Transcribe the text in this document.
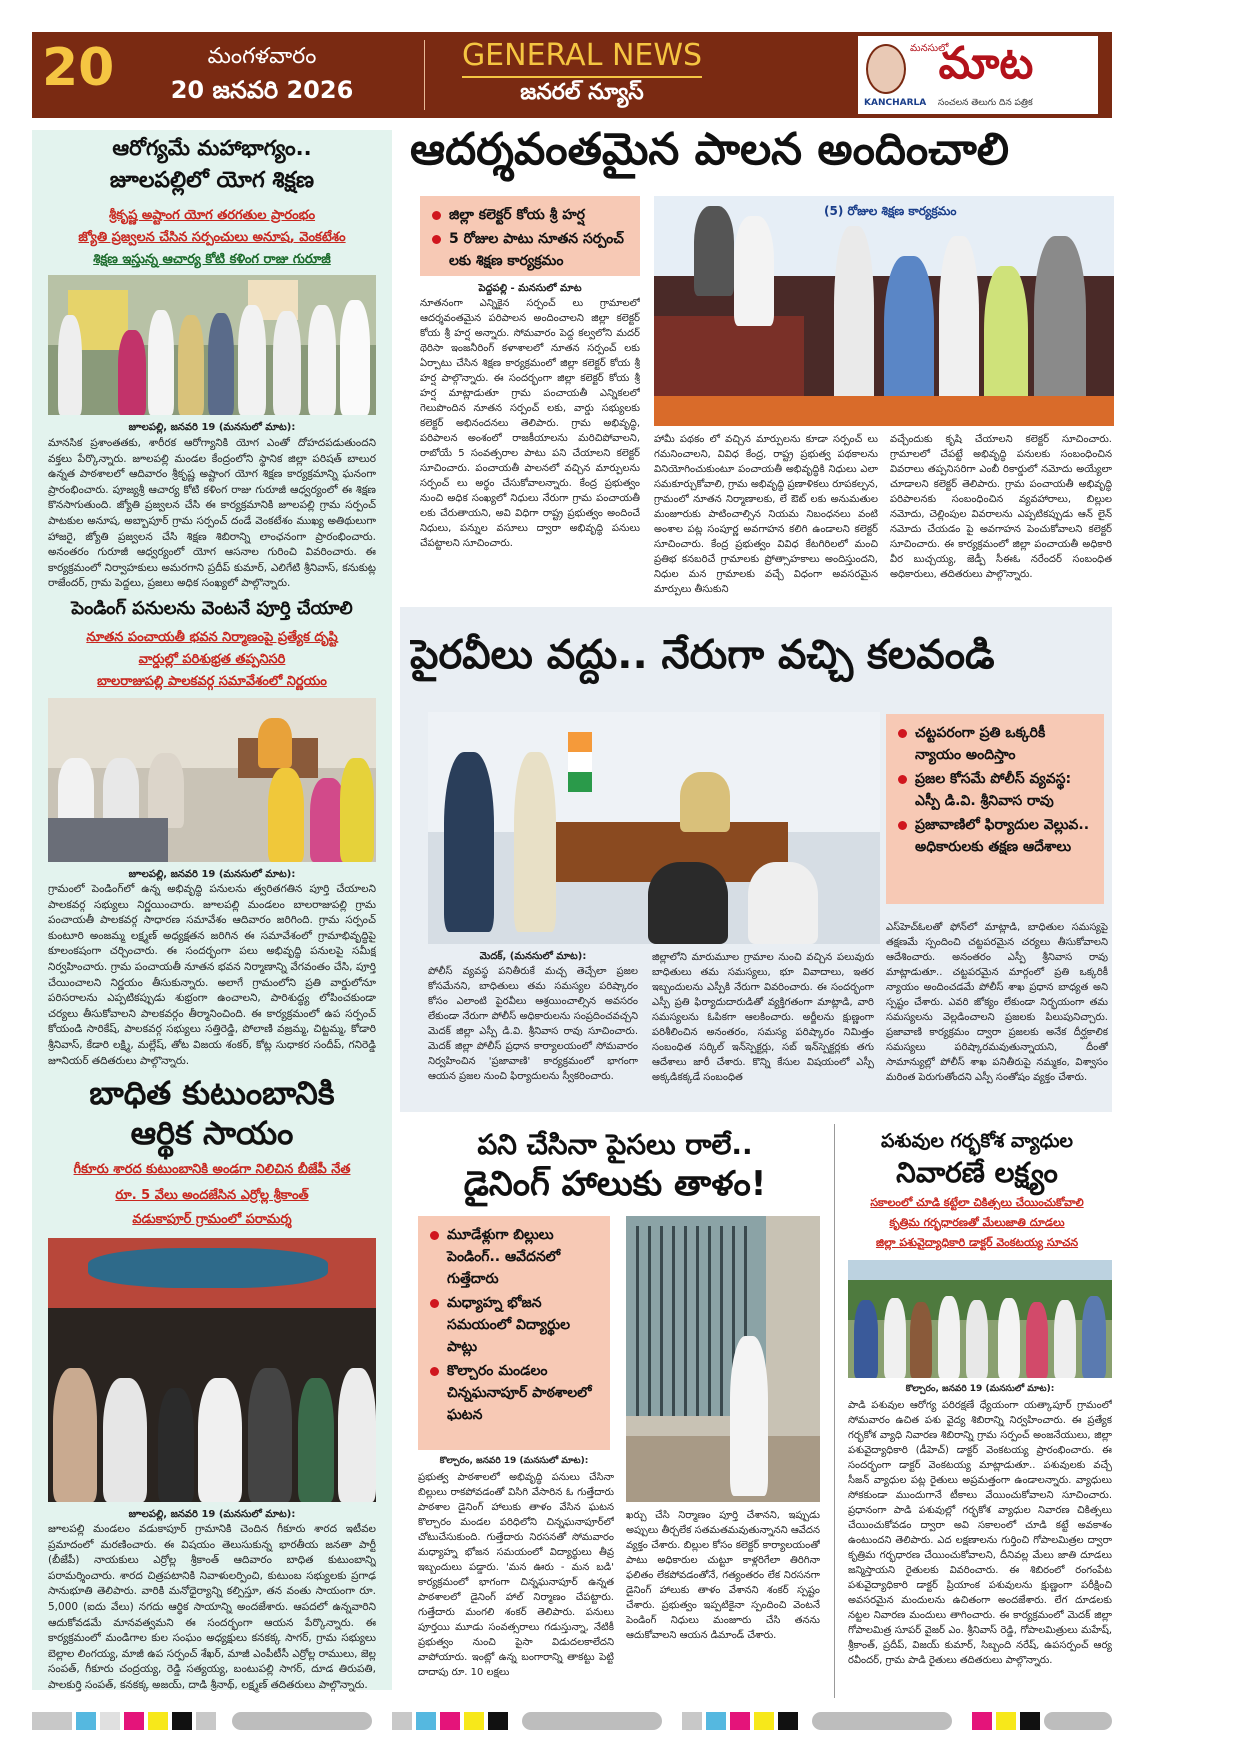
20	మంగళవారం
20 జనవరి 2026
GENERAL NEWS
జనరల్ న్యూస్
మనసులో
మాట
KANCHARLA	సంచలన తెలుగు దిన పత్రిక
ఆరోగ్యమే మహాభాగ్యం..
జూలపల్లిలో యోగ శిక్షణ
శ్రీకృష్ణ అష్టాంగ యోగ తరగతుల ప్రారంభం
జ్యోతి ప్రజ్వలన చేసిన సర్పంచులు అనూష, వెంకటేశం
శిక్షణ ఇస్తున్న ఆచార్య కోటి కళింగ రాజు గురూజీ
జూలపల్లి, జనవరి 19 (మనసులో మాట):
మానసిక ప్రశాంతతకు, శారీరక ఆరోగ్యానికి యోగ ఎంతో దోహదపడుతుందని వక్తలు పేర్కొన్నారు. జూలపల్లి మండల కేంద్రంలోని స్థానిక జిల్లా పరిషత్ బాలుర ఉన్నత పాఠశాలలో ఆదివారం శ్రీకృష్ణ అష్టాంగ యోగ శిక్షణ కార్యక్రమాన్ని ఘనంగా ప్రారంభించారు. పూజ్యశ్రీ ఆచార్య కోటి కళింగ రాజు గురూజీ ఆధ్వర్యంలో ఈ శిక్షణ కొనసాగుతుంది. జ్యోతి ప్రజ్వలన చేసి ఈ కార్యక్రమానికి జూలపల్లి గ్రామ సర్పంచ్ పాటకుల అనూష, అబ్బాపూర్ గ్రామ సర్పంచ్ దండే వెంకటేశం ముఖ్య అతిథులుగా హాజరై, జ్యోతి ప్రజ్వలన చేసి శిక్షణ శిబిరాన్ని లాంఛనంగా ప్రారంభించారు. అనంతరం గురూజీ ఆధ్వర్యంలో యోగ ఆసనాల గురించి వివరించారు. ఈ కార్యక్రమంలో నిర్వాహకులు అమరగాని ప్రదీప్ కుమార్, ఎలిగేటి శ్రీనివాస్, కనుకుట్ల రాజేందర్, గ్రామ పెద్దలు, ప్రజలు అధిక సంఖ్యలో పాల్గొన్నారు.
పెండింగ్ పనులను వెంటనే పూర్తి చేయాలి
నూతన పంచాయతీ భవన నిర్మాణంపై ప్రత్యేక దృష్టి
వార్డుల్లో పరిశుభ్రత తప్పనిసరి
బాలరాజుపల్లి పాలకవర్గ సమావేశంలో నిర్ణయం
జూలపల్లి, జనవరి 19 (మనసులో మాట):
గ్రామంలో పెండింగ్‌లో ఉన్న అభివృద్ధి పనులను త్వరితగతిన పూర్తి చేయాలని పాలకవర్గ సభ్యులు నిర్ణయించారు. జూలపల్లి మండలం బాలరాజుపల్లి గ్రామ పంచాయతీ పాలకవర్గ సాధారణ సమావేశం ఆదివారం జరిగింది. గ్రామ సర్పంచ్ కుంటూరి అంజమ్మ లక్ష్మణ్ అధ్యక్షతన జరిగిన ఈ సమావేశంలో గ్రామాభివృద్ధిపై కూలంకషంగా చర్చించారు. ఈ సందర్భంగా పలు అభివృద్ధి పనులపై సమీక్ష నిర్వహించారు. గ్రామ పంచాయతీ నూతన భవన నిర్మాణాన్ని వేగవంతం చేసి, పూర్తి చేయించాలని నిర్ణయం తీసుకున్నారు. అలాగే గ్రామంలోని ప్రతి వార్డులోనూ పరిసరాలను ఎప్పటికప్పుడు శుభ్రంగా ఉంచాలని, పారిశుద్ధ్య లోపించకుండా చర్యలు తీసుకోవాలని పాలకవర్గం తీర్మానించింది. ఈ కార్యక్రమంలో ఉప సర్పంచ్ కోయండి సారికేష్, పాలకవర్గ సభ్యులు సత్తిరెడ్డి, పోలాణి వజ్రమ్మ, చిట్టమ్మ, కోడారి శ్రీనివాస్, కేడారి లక్ష్మి, మల్లేష్, తోట విజయ శంకర్, కోట్ల సుధాకర సందీప్, గనిరెడ్డి జూనియర్ తదితరులు పాల్గొన్నారు.
బాధిత కుటుంబానికి
ఆర్థిక సాయం
గీకూరు శారద కుటుంబానికి అండగా నిలిచిన బీజేపీ నేత
రూ. 5 వేలు అందజేసిన ఎర్రోల్ల శ్రీకాంత్
వడుకాపూర్ గ్రామంలో పరామర్శ
జూలపల్లి, జనవరి 19 (మనసులో మాట):
జూలపల్లి మండలం వడుకాపూర్ గ్రామానికి చెందిన గీకూరు శారద ఇటీవల ప్రమాదంలో మరణించారు. ఈ విషయం తెలుసుకున్న భారతీయ జనతా పార్టీ (బీజేపీ) నాయకులు ఎర్రోల్ల శ్రీకాంత్ ఆదివారం బాధిత కుటుంబాన్ని పరామర్శించారు. శారద చిత్రపటానికి నివాళులర్పించి, కుటుంబ సభ్యులకు ప్రగాఢ సానుభూతి తెలిపారు. వారికి మనోధైర్యాన్ని కల్పిస్తూ, తన వంతు సాయంగా రూ. 5,000 (ఐదు వేలు) నగదు ఆర్థిక సాయాన్ని అందజేశారు. ఆపదలో ఉన్నవారిని ఆదుకోవడమే మానవత్వమని ఈ సందర్భంగా ఆయన పేర్కొన్నారు. ఈ కార్యక్రమంలో మండిగాల కుల సంఘం అధ్యక్షులు కనకక్క సాగర్, గ్రామ సభ్యులు బెల్లాల లింగయ్య, మాజీ ఉప సర్పంచ్ శేఖర్, మాజీ ఎంపీటీసీ ఎర్రోల్ల రాములు, జెల్ల సంపత్, గీకూరు చంద్రయ్య, రెడ్డి సత్యయ్య, బంటుపల్లి సాగర్, దూడ తిరుపతి, పాలకుర్తి సంపత్, కనకక్క అజయ్, దాడి శ్రీనాథ్, లక్ష్మణ్ తదితరులు పాల్గొన్నారు.
ఆదర్శవంతమైన పాలన అందించాలి
జిల్లా కలెక్టర్ కోయ శ్రీ హర్ష
5 రోజుల పాటు నూతన సర్పంచ్ లకు శిక్షణ కార్యక్రమం
పెద్దపల్లి - మనసులో మాట
నూతనంగా ఎన్నికైన సర్పంచ్ లు గ్రామాలలో ఆదర్శవంతమైన పరిపాలన అందించాలని జిల్లా కలెక్టర్ కోయ శ్రీ హర్ష అన్నారు. సోమవారం పెద్ద కల్వలోని మదర్ థెరిసా ఇంజనీరింగ్ కళాశాలలో నూతన సర్పంచ్ లకు ఏర్పాటు చేసిన శిక్షణ కార్యక్రమంలో జిల్లా కలెక్టర్ కోయ శ్రీ హర్ష పాల్గొన్నారు. ఈ సందర్భంగా జిల్లా కలెక్టర్ కోయ శ్రీ హర్ష మాట్లాడుతూ గ్రామ పంచాయతీ ఎన్నికలలో గెలుపొందిన నూతన సర్పంచ్ లకు, వార్డు సభ్యులకు కలెక్టర్ అభినందనలు తెలిపారు. గ్రామ అభివృద్ధి, పరిపాలన అంశంలో రాజకీయాలను మరిచిపోవాలని, రాబోయే 5 సంవత్సరాల పాటు పని చేయాలని కలెక్టర్ సూచించారు. పంచాయతీ పాలనలో వచ్చిన మార్పులను సర్పంచ్ లు అర్థం చేసుకోవాలన్నారు. కేంద్ర ప్రభుత్వం నుంచి అధిక సంఖ్యలో నిధులు నేరుగా గ్రామ పంచాయతీ లకు చేరుతాయని, అవి విధిగా రాష్ట్ర ప్రభుత్వం అందించే నిధులు, పన్నుల వసూలు ద్వారా అభివృద్ధి పనులు చేపట్టాలని సూచించారు.
(5) రోజుల శిక్షణ కార్యక్రమం
హామీ పథకం లో వచ్చిన మార్పులను కూడా సర్పంచ్ లు గమనించాలని, వివిధ కేంద్ర, రాష్ట్ర ప్రభుత్వ పథకాలను వినియోగించుకుంటూ పంచాయతీ అభివృద్ధికి నిధులు ఎలా సమకూర్చుకోవాలి, గ్రామ అభివృద్ధి ప్రణాళికలు రూపకల్పన, గ్రామంలో నూతన నిర్మాణాలకు, లే ఔట్ లకు అనుమతుల మంజూరుకు పాటించాల్సిన నియమ నిబంధనలు వంటి అంశాల పట్ల సంపూర్ణ అవగాహన కలిగి ఉండాలని కలెక్టర్ సూచించారు. కేంద్ర ప్రభుత్వం వివిధ కేటగిరిలలో మంచి ప్రతిభ కనబరిచే గ్రామాలకు ప్రోత్సాహకాలు అందిస్తుందని, నిధుల మన గ్రామాలకు వచ్చే విధంగా అవసరమైన మార్పులు తీసుకుని
వచ్చేందుకు కృషి చేయాలని కలెక్టర్ సూచించారు. గ్రామాలలో చేపట్టే అభివృద్ధి పనులకు సంబంధించిన వివరాలు తప్పనిసరిగా ఎంబీ రికార్డులో నమోదు అయ్యేలా చూడాలని కలెక్టర్ తెలిపారు. గ్రామ పంచాయతీ అభివృద్ధి పరిపాలనకు సంబంధించిన వ్యవహారాలు, బిల్లుల నమోదు, చెల్లింపుల వివరాలను ఎప్పటికప్పుడు ఆన్ లైన్ నమోదు చేయడం పై అవగాహన పెంచుకోవాలని కలెక్టర్ సూచించారు. ఈ కార్యక్రమంలో జిల్లా పంచాయతీ అధికారి వీర బుచ్చయ్య, జెడ్పీ సీఈఓ నరేందర్ సంబంధిత అధికారులు, తదితరులు పాల్గొన్నారు.
పైరవీలు వద్దు.. నేరుగా వచ్చి కలవండి
చట్టపరంగా ప్రతి ఒక్కరికీ న్యాయం అందిస్తాం
ప్రజల కోసమే పోలీస్ వ్యవస్థ: ఎస్పీ డి.వి. శ్రీనివాస రావు
ప్రజావాణిలో ఫిర్యాదుల వెల్లువ.. అధికారులకు తక్షణ ఆదేశాలు
మెదక్, (మనసులో మాట):
పోలీస్ వ్యవస్థ పనితీరుకే మచ్చ తెచ్చేలా ప్రజల కోసమేనని, బాధితులు తమ సమస్యల పరిష్కారం కోసం ఎలాంటి పైరవీలు ఆశ్రయించాల్సిన అవసరం లేకుండా నేరుగా పోలీస్ అధికారులను సంప్రదించవచ్చని మెదక్ జిల్లా ఎస్పీ డి.వి. శ్రీనివాస రావు సూచించారు. మెదక్ జిల్లా పోలీస్ ప్రధాన కార్యాలయంలో సోమవారం నిర్వహించిన 'ప్రజావాణి' కార్యక్రమంలో భాగంగా ఆయన ప్రజల నుంచి ఫిర్యాదులను స్వీకరించారు.
జిల్లాలోని మారుమూల గ్రామాల నుంచి వచ్చిన పలువురు బాధితులు తమ సమస్యలు, భూ వివాదాలు, ఇతర ఇబ్బందులను ఎస్పీకి నేరుగా వివరించారు. ఈ సందర్భంగా ఎస్పీ ప్రతి ఫిర్యాదుదారుడితో వ్యక్తిగతంగా మాట్లాడి, వారి సమస్యలను ఓపికగా ఆలకించారు. అర్జీలను క్షుణ్ణంగా పరిశీలించిన అనంతరం, సమస్య పరిష్కారం నిమిత్తం సంబంధిత సర్కిల్ ఇన్‌స్పెక్టర్లు, సబ్ ఇన్‌స్పెక్టర్లకు తగు ఆదేశాలు జారీ చేశారు. కొన్ని కేసుల విషయంలో ఎస్పీ అక్కడికక్కడే సంబంధిత
ఎస్‌హెచ్‌ఓలతో ఫోన్‌లో మాట్లాడి, బాధితుల సమస్యపై తక్షణమే స్పందించి చట్టపరమైన చర్యలు తీసుకోవాలని ఆదేశించారు. అనంతరం ఎస్పీ శ్రీనివాస రావు మాట్లాడుతూ.. చట్టపరమైన మార్గంలో ప్రతి ఒక్కరికీ న్యాయం అందించడమే పోలీస్ శాఖ ప్రధాన బాధ్యత అని స్పష్టం చేశారు. ఎవరి జోక్యం లేకుండా నిర్భయంగా తమ సమస్యలను వెల్లడించాలని ప్రజలకు పిలుపునిచ్చారు. ప్రజావాణి కార్యక్రమం ద్వారా ప్రజలకు అనేక దీర్ఘకాలిక సమస్యలు పరిష్కారమవుతున్నాయని, దీంతో సామాన్యుల్లో పోలీస్ శాఖ పనితీరుపై నమ్మకం, విశ్వాసం మరింత పెరుగుతోందని ఎస్పీ సంతోషం వ్యక్తం చేశారు.
పని చేసినా పైసలు రాలే..
డైనింగ్ హాలుకు తాళం!
మూడేళ్లుగా బిల్లులు పెండింగ్.. ఆవేదనలో గుత్తేదారు
మధ్యాహ్న భోజన సమయంలో విద్యార్థుల పాట్లు
కొల్చారం మండలం చిన్నఘనాపూర్ పాఠశాలలో ఘటన
కొల్చారం, జనవరి 19 (మనసులో మాట):
ప్రభుత్వ పాఠశాలలో అభివృద్ధి పనులు చేసినా బిల్లులు రాకపోవడంతో విసిగి వేసారిన ఓ గుత్తేదారు పాఠశాల డైనింగ్ హాలుకు తాళం వేసిన ఘటన కొల్చారం మండల పరిధిలోని చిన్నఘనాపూర్‌లో చోటుచేసుకుంది. గుత్తేదారు నిరసనతో సోమవారం మధ్యాహ్న భోజన సమయంలో విద్యార్థులు తీవ్ర ఇబ్బందులు పడ్డారు. 'మన ఊరు - మన బడి' కార్యక్రమంలో భాగంగా చిన్నఘనాపూర్ ఉన్నత పాఠశాలలో డైనింగ్ హాల్ నిర్మాణం చేపట్టారు. గుత్తేదారు మంగలి శంకర్ తెలిపారు. పనులు పూర్తయి మూడు సంవత్సరాలు గడుస్తున్నా, నేటికీ ప్రభుత్వం నుంచి పైసా విడుదలకాలేదని వాపోయారు. ఇంట్లో ఉన్న బంగారాన్ని తాకట్టు పెట్టి దాదాపు రూ. 10 లక్షలు
ఖర్చు చేసి నిర్మాణం పూర్తి చేశానని, ఇప్పుడు అప్పులు తీర్చలేక సతమతమవుతున్నానని ఆవేదన వ్యక్తం చేశారు. బిల్లుల కోసం కలెక్టర్ కార్యాలయంతో పాటు అధికారుల చుట్టూ కాళ్లరిగేలా తిరిగినా ఫలితం లేకపోవడంతోనే, గత్యంతరం లేక నిరసనగా డైనింగ్ హాలుకు తాళం వేశానని శంకర్ స్పష్టం చేశారు. ప్రభుత్వం ఇప్పటికైనా స్పందించి వెంటనే పెండింగ్ నిధులు మంజూరు చేసి తనను ఆదుకోవాలని ఆయన డిమాండ్ చేశారు.
పశువుల గర్భకోశ వ్యాధుల
నివారణే లక్ష్యం
సకాలంలో చూడి కట్టేలా చికిత్సలు చేయించుకోవాలి
కృత్రిమ గర్భధారణతో మేలుజాతి దూడలు
జిల్లా పశువైద్యాధికారి డాక్టర్ వెంకటయ్య సూచన
కొల్చారం, జనవరి 19 (మనసులో మాట):
పాడి పశువుల ఆరోగ్య పరిరక్షణే ధ్యేయంగా యత్కాపూర్ గ్రామంలో సోమవారం ఉచిత పశు వైద్య శిబిరాన్ని నిర్వహించారు. ఈ ప్రత్యేక గర్భకోశ వ్యాధి నివారణ శిబిరాన్ని గ్రామ సర్పంచ్ అంజనేయులు, జిల్లా పశువైద్యాధికారి (డీహెచ్) డాక్టర్ వెంకటయ్య ప్రారంభించారు. ఈ సందర్భంగా డాక్టర్ వెంకటయ్య మాట్లాడుతూ.. పశువులకు వచ్చే సీజన్ వ్యాధుల పట్ల రైతులు అప్రమత్తంగా ఉండాలన్నారు. వ్యాధులు సోకకుండా ముందుగానే టీకాలు వేయించుకోవాలని సూచించారు. ప్రధానంగా పాడి పశువుల్లో గర్భకోశ వ్యాధుల నివారణ చికిత్సలు చేయించుకోవడం ద్వారా అవి సకాలంలో చూడి కట్టే అవకాశం ఉంటుందని తెలిపారు. ఎద లక్షణాలను గుర్తించి గోపాలమిత్రల ద్వారా కృత్రిమ గర్భధారణ చేయించుకోవాలని, దీనివల్ల మేలు జాతి దూడలు జన్మిస్తాయని రైతులకు వివరించారు. ఈ శిబిరంలో రంగంపేట పశువైద్యాధికారి డాక్టర్ ప్రియాంక పశువులను క్షుణ్ణంగా పరీక్షించి అవసరమైన మందులను ఉచితంగా అందజేశారు. లేగ దూడలకు నట్టల నివారణ మందులు తాగించారు. ఈ కార్యక్రమంలో మెదక్ జిల్లా గోపాలమిత్ర సూపర్ వైజర్ ఎం. శ్రీనివాస్ రెడ్డి, గోపాలమిత్రులు మహేష్, శ్రీకాంత్, ప్రదీప్, విజయ్ కుమార్, సిబ్బంది నరేష్, ఉపసర్పంచ్ ఆర్య రవీందర్, గ్రామ పాడి రైతులు తదితరులు పాల్గొన్నారు.
